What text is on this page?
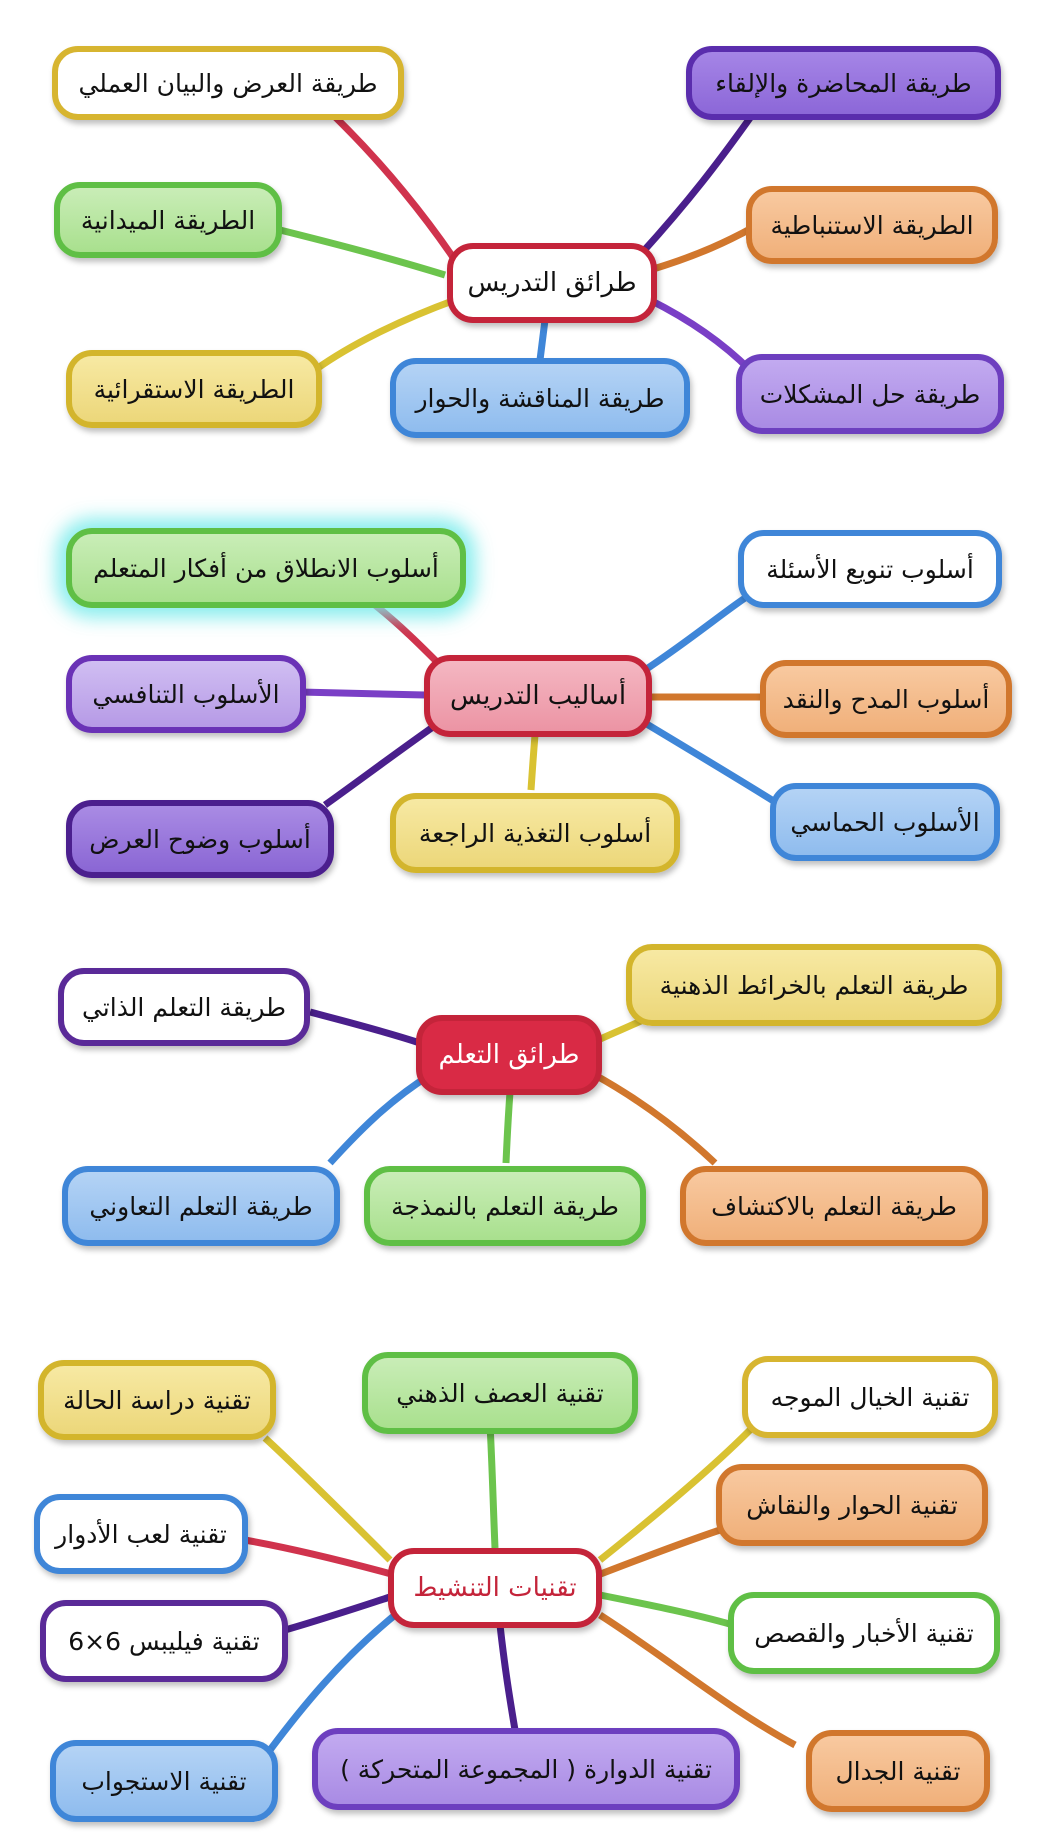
طرائق التدريس
طريقة العرض والبيان العملي	طريقة المحاضرة والإلقاء
الطريقة الميدانية	الطريقة الاستنباطية
الطريقة الاستقرائية	طريقة المناقشة والحوار	طريقة حل المشكلات
أساليب التدريس
أسلوب الانطلاق من أفكار المتعلم	أسلوب تنويع الأسئلة
الأسلوب التنافسي	أسلوب المدح والنقد
أسلوب وضوح العرض	أسلوب التغذية الراجعة	الأسلوب الحماسي
طرائق التعلم
طريقة التعلم الذاتي
طريقة التعلم بالخرائط الذهنية
طريقة التعلم التعاوني	طريقة التعلم بالنمذجة	طريقة التعلم بالاكتشاف
تقنيات التنشيط
تقنية دراسة الحالة	تقنية العصف الذهني	تقنية الخيال الموجه
تقنية لعب الأدوار
تقنية الحوار والنقاش
تقنية فيليبس 6×6	تقنية الأخبار والقصص
تقنية الاستجواب	تقنية الدوارة ( المجموعة المتحركة )	تقنية الجدال
